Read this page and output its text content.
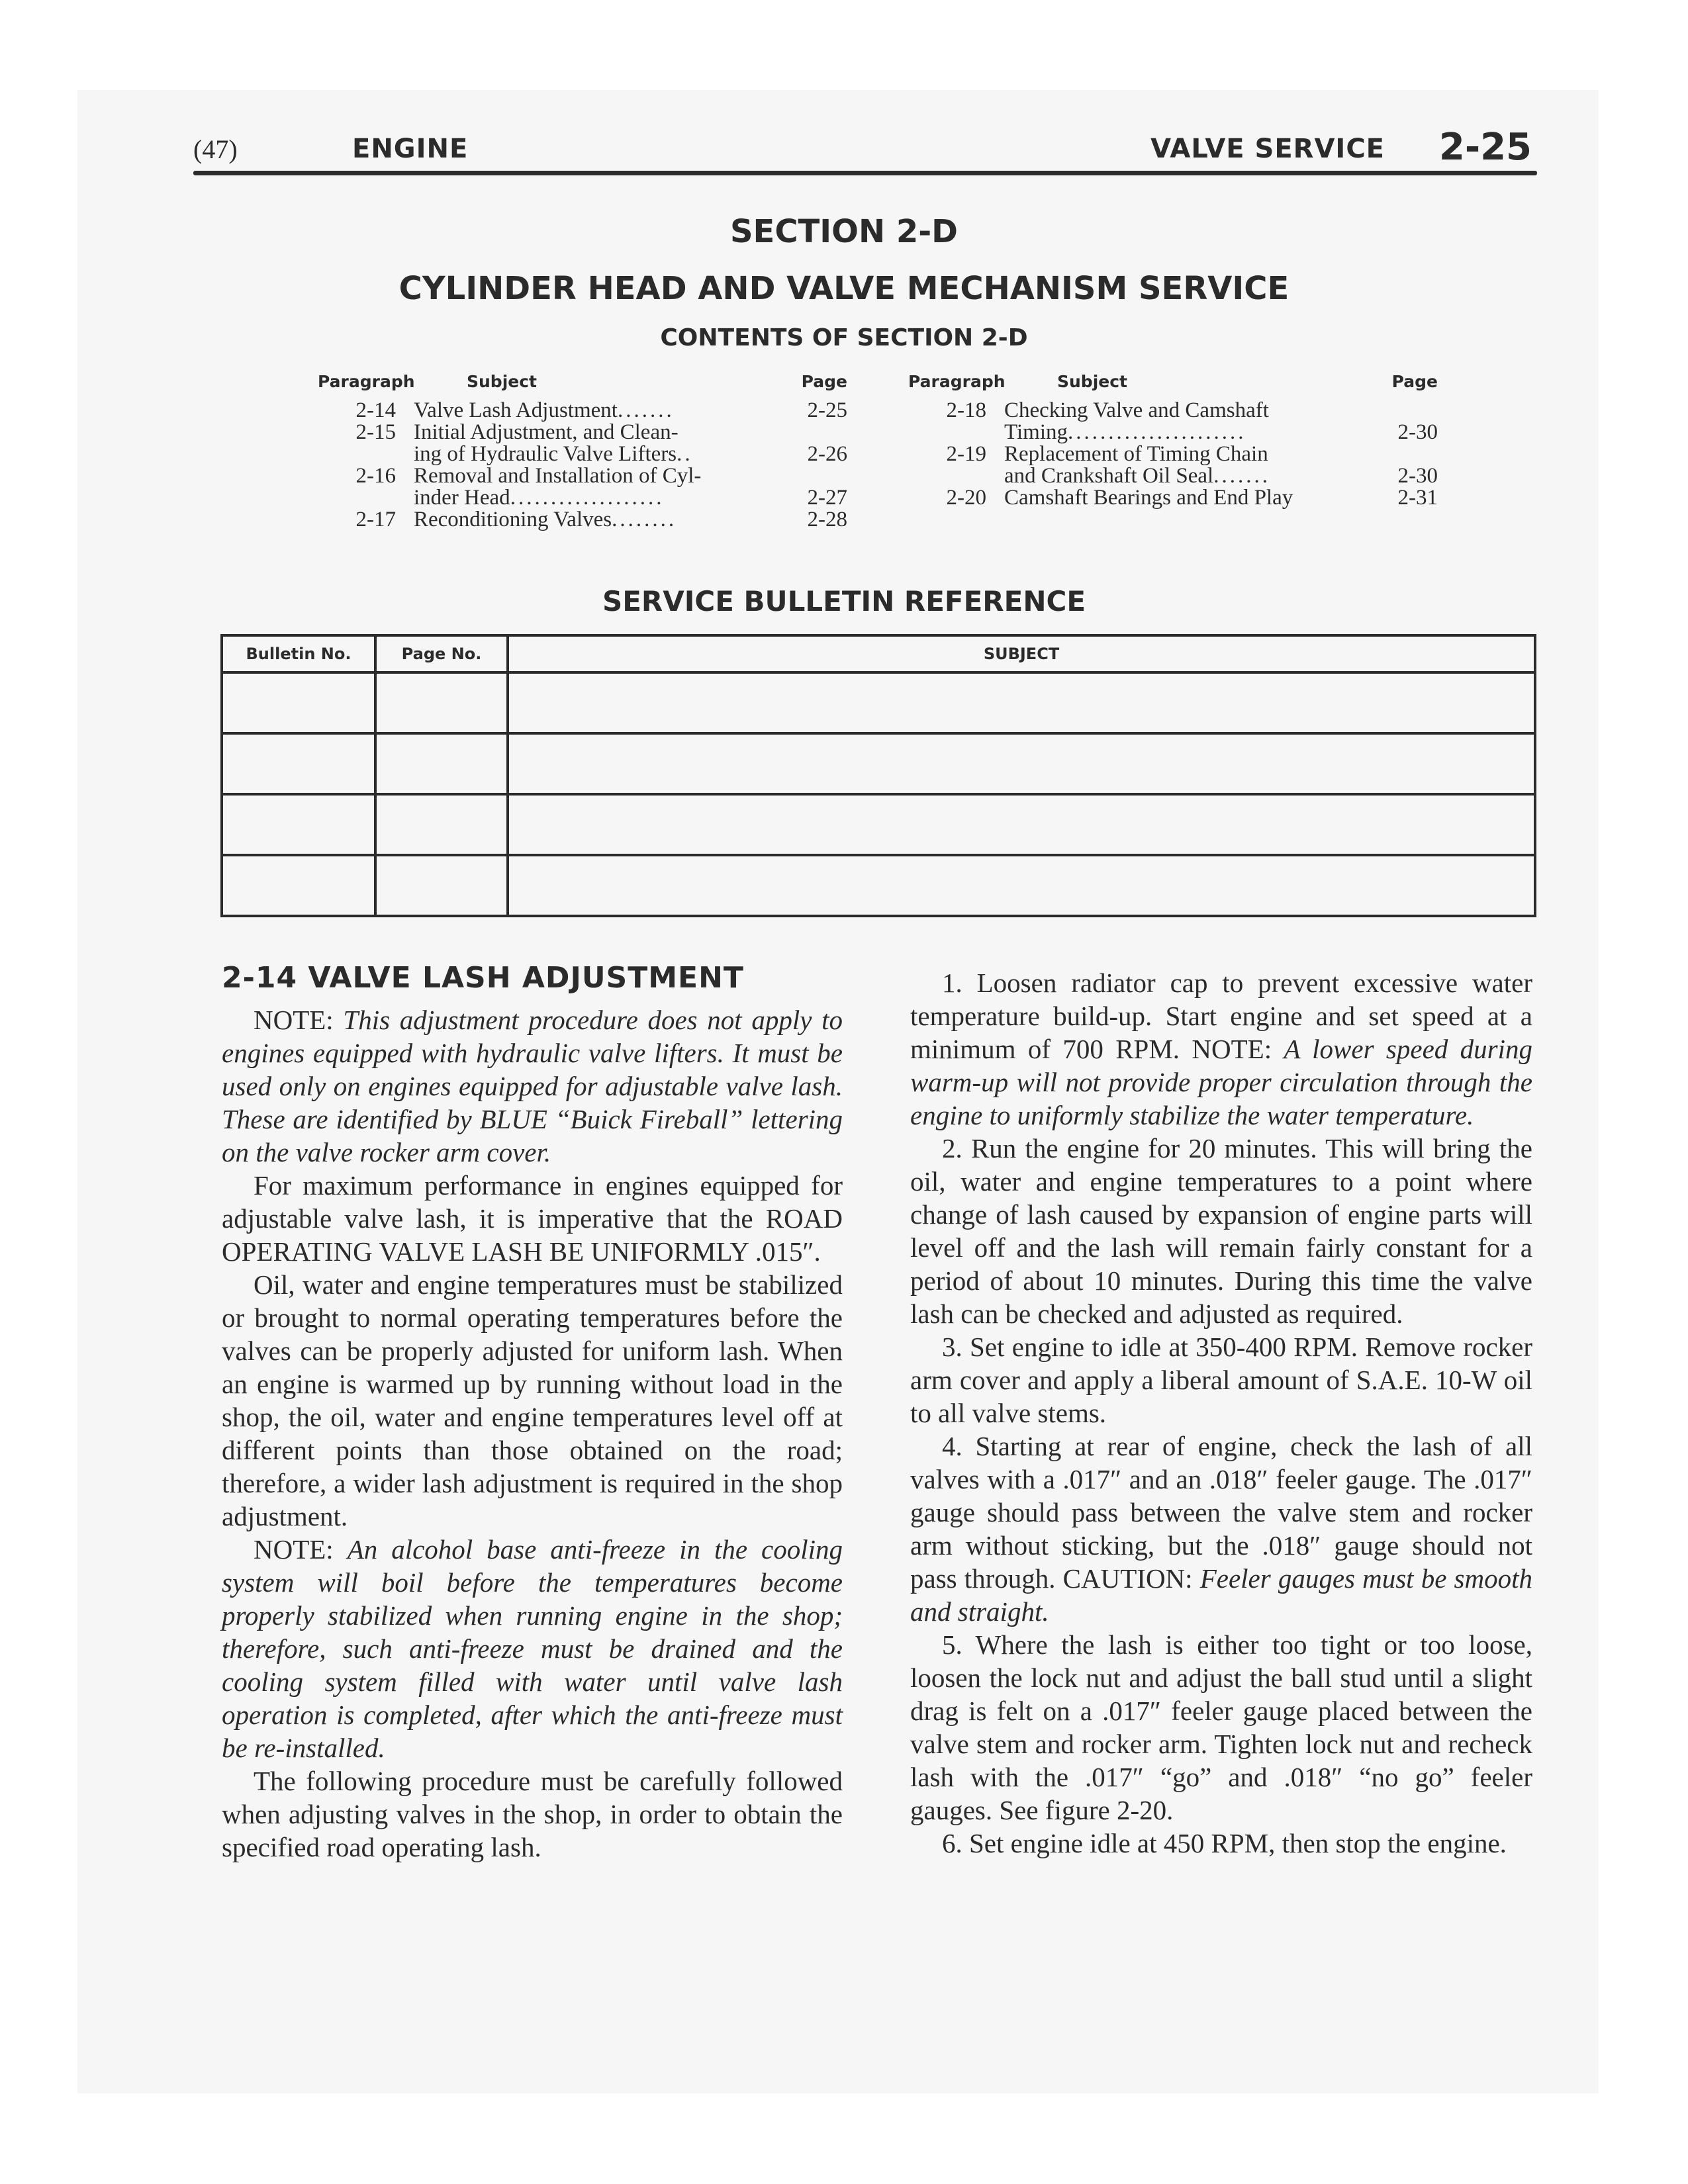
(47)	ENGINE	VALVE SERVICE 2-25
SECTION 2-D
CYLINDER HEAD AND VALVE MECHANISM SERVICE
CONTENTS OF SECTION 2-D
Paragraph	Subject	Page
2-14 Valve Lash Adjustment.......	2-25
2-15 Initial Adjustment, and Clean-
ing of Hydraulic Valve Lifters..	2-26
2-16 Removal and Installation of Cyl-
inder Head...................	2-27
2-17 Reconditioning Valves........	2-28
Paragraph	Subject	Page
2-18 Checking Valve and Camshaft
Timing......................	2-30
2-19 Replacement of Timing Chain
and Crankshaft Oil Seal.......	2-30
2-20 Camshaft Bearings and End Play	2-31
SERVICE BULLETIN REFERENCE
Bulletin No.	Page No.	SUBJECT

2-14 VALVE LASH ADJUSTMENT

NOTE: This adjustment procedure does not apply to engines equipped with hydraulic valve lifters. It must be used only on engines equipped for adjustable valve lash. These are identified by BLUE “Buick Fireball” lettering on the valve rocker arm cover.

For maximum performance in engines equipped for adjustable valve lash, it is imperative that the ROAD OPERATING VALVE LASH BE UNIFORMLY .015″.

Oil, water and engine temperatures must be stabilized or brought to normal operating temperatures before the valves can be properly adjusted for uniform lash. When an engine is warmed up by running without load in the shop, the oil, water and engine temperatures level off at different points than those obtained on the road; therefore, a wider lash adjustment is required in the shop adjustment.

NOTE: An alcohol base anti-freeze in the cooling system will boil before the temperatures become properly stabilized when running engine in the shop; therefore, such anti-freeze must be drained and the cooling system filled with water until valve lash operation is completed, after which the anti-freeze must be re-installed.

The following procedure must be carefully followed when adjusting valves in the shop, in order to obtain the specified road operating lash.

1. Loosen radiator cap to prevent excessive water temperature build-up. Start engine and set speed at a minimum of 700 RPM. NOTE: A lower speed during warm-up will not provide proper circulation through the engine to uniformly stabilize the water temperature.

2. Run the engine for 20 minutes. This will bring the oil, water and engine temperatures to a point where change of lash caused by expansion of engine parts will level off and the lash will remain fairly constant for a period of about 10 minutes. During this time the valve lash can be checked and adjusted as required.

3. Set engine to idle at 350-400 RPM. Remove rocker arm cover and apply a liberal amount of S.A.E. 10-W oil to all valve stems.

4. Starting at rear of engine, check the lash of all valves with a .017″ and an .018″ feeler gauge. The .017″ gauge should pass between the valve stem and rocker arm without sticking, but the .018″ gauge should not pass through. CAUTION: Feeler gauges must be smooth and straight.

5. Where the lash is either too tight or too loose, loosen the lock nut and adjust the ball stud until a slight drag is felt on a .017″ feeler gauge placed between the valve stem and rocker arm. Tighten lock nut and recheck lash with the .017″ “go” and .018″ “no go” feeler gauges. See figure 2-20.

6. Set engine idle at 450 RPM, then stop the engine.
